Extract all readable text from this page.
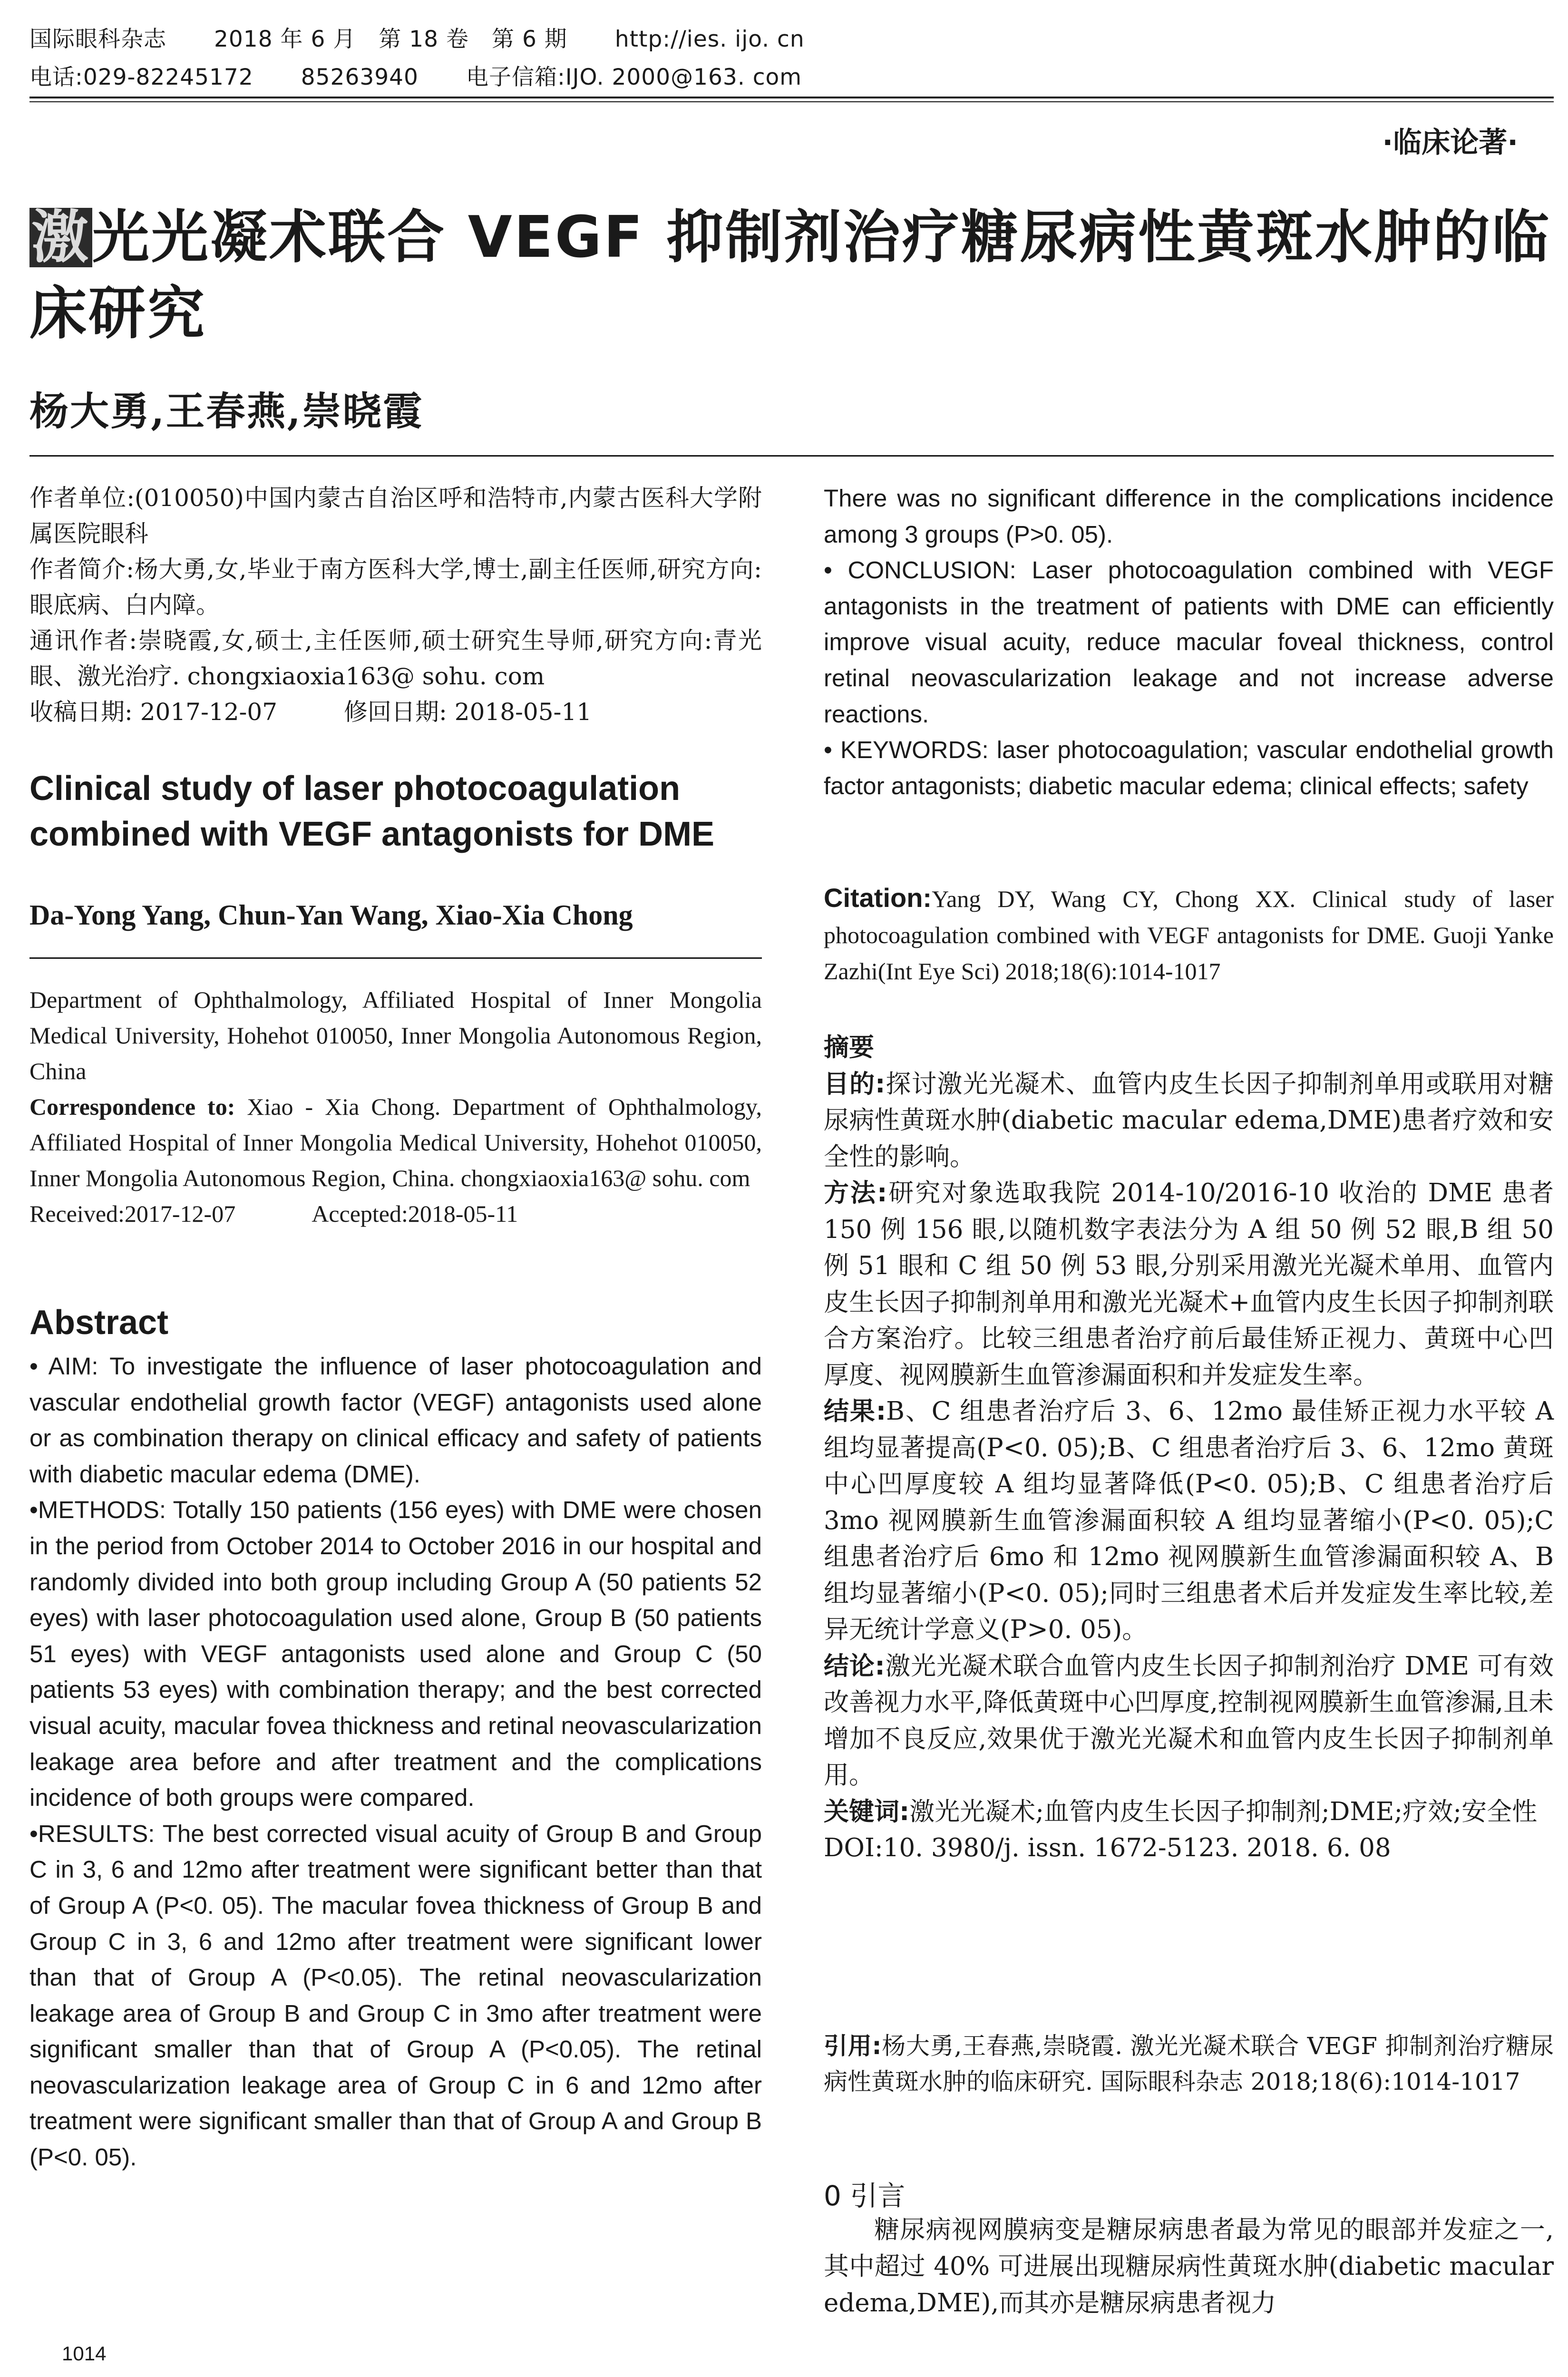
国际眼科杂志 2018 年 6 月　第 18 卷　第 6 期 http://ies. ijo. cn
电话:029-82245172 85263940 电子信箱:IJO. 2000@163. com
·临床论著·
激光光凝术联合 VEGF 抑制剂治疗糖尿病性黄斑水肿的临床研究
杨大勇,王春燕,崇晓霞

作者单位:(010050)中国内蒙古自治区呼和浩特市,内蒙古医科大学附属医院眼科

作者简介:杨大勇,女,毕业于南方医科大学,博士,副主任医师,研究方向:眼底病、白内障。

通讯作者:崇晓霞,女,硕士,主任医师,硕士研究生导师,研究方向:青光眼、激光治疗. chongxiaoxia163@ sohu. com

收稿日期: 2017-12-07	修回日期: 2018-05-11

Clinical study of laser photocoagulation combined with VEGF antagonists for DME
Da-Yong Yang, Chun-Yan Wang, Xiao-Xia Chong

Department of Ophthalmology, Affiliated Hospital of Inner Mongolia Medical University, Hohehot 010050, Inner Mongolia Autonomous Region, China

Correspondence to: Xiao - Xia Chong. Department of Ophthalmology, Affiliated Hospital of Inner Mongolia Medical University, Hohehot 010050, Inner Mongolia Autonomous Region, China. chongxiaoxia163@ sohu. com

Received:2017-12-07	Accepted:2018-05-11

Abstract

• AIM: To investigate the influence of laser photocoagulation and vascular endothelial growth factor (VEGF) antagonists used alone or as combination therapy on clinical efficacy and safety of patients with diabetic macular edema (DME).

•METHODS: Totally 150 patients (156 eyes) with DME were chosen in the period from October 2014 to October 2016 in our hospital and randomly divided into both group including Group A (50 patients 52 eyes) with laser photocoagulation used alone, Group B (50 patients 51 eyes) with VEGF antagonists used alone and Group C (50 patients 53 eyes) with combination therapy; and the best corrected visual acuity, macular fovea thickness and retinal neovascularization leakage area before and after treatment and the complications incidence of both groups were compared.

•RESULTS: The best corrected visual acuity of Group B and Group C in 3, 6 and 12mo after treatment were significant better than that of Group A (P<0. 05). The macular fovea thickness of Group B and Group C in 3, 6 and 12mo after treatment were significant lower than that of Group A (P<0.05). The retinal neovascularization leakage area of Group B and Group C in 3mo after treatment were significant smaller than that of Group A (P<0.05). The retinal neovascularization leakage area of Group C in 6 and 12mo after treatment were significant smaller than that of Group A and Group B (P<0. 05).

There was no significant difference in the complications incidence among 3 groups (P>0. 05).

• CONCLUSION: Laser photocoagulation combined with VEGF antagonists in the treatment of patients with DME can efficiently improve visual acuity, reduce macular foveal thickness, control retinal neovascularization leakage and not increase adverse reactions.

• KEYWORDS: laser photocoagulation; vascular endothelial growth factor antagonists; diabetic macular edema; clinical effects; safety

Citation:Yang DY, Wang CY, Chong XX. Clinical study of laser photocoagulation combined with VEGF antagonists for DME. Guoji Yanke Zazhi(Int Eye Sci) 2018;18(6):1014-1017

摘要

目的:探讨激光光凝术、血管内皮生长因子抑制剂单用或联用对糖尿病性黄斑水肿(diabetic macular edema,DME)患者疗效和安全性的影响。

方法:研究对象选取我院 2014-10/2016-10 收治的 DME 患者 150 例 156 眼,以随机数字表法分为 A 组 50 例 52 眼,B 组 50 例 51 眼和 C 组 50 例 53 眼,分别采用激光光凝术单用、血管内皮生长因子抑制剂单用和激光光凝术+血管内皮生长因子抑制剂联合方案治疗。比较三组患者治疗前后最佳矫正视力、黄斑中心凹厚度、视网膜新生血管渗漏面积和并发症发生率。

结果:B、C 组患者治疗后 3、6、12mo 最佳矫正视力水平较 A 组均显著提高(P<0. 05);B、C 组患者治疗后 3、6、12mo 黄斑中心凹厚度较 A 组均显著降低(P<0. 05);B、C 组患者治疗后 3mo 视网膜新生血管渗漏面积较 A 组均显著缩小(P<0. 05);C 组患者治疗后 6mo 和 12mo 视网膜新生血管渗漏面积较 A、B 组均显著缩小(P<0. 05);同时三组患者术后并发症发生率比较,差异无统计学意义(P>0. 05)。

结论:激光光凝术联合血管内皮生长因子抑制剂治疗 DME 可有效改善视力水平,降低黄斑中心凹厚度,控制视网膜新生血管渗漏,且未增加不良反应,效果优于激光光凝术和血管内皮生长因子抑制剂单用。

关键词:激光光凝术;血管内皮生长因子抑制剂;DME;疗效;安全性

DOI:10. 3980/j. issn. 1672-5123. 2018. 6. 08

引用:杨大勇,王春燕,崇晓霞. 激光光凝术联合 VEGF 抑制剂治疗糖尿病性黄斑水肿的临床研究. 国际眼科杂志 2018;18(6):1014-1017
0 引言
糖尿病视网膜病变是糖尿病患者最为常见的眼部并发症之一,其中超过 40% 可进展出现糖尿病性黄斑水肿(diabetic macular edema,DME),而其亦是糖尿病患者视力
1014
